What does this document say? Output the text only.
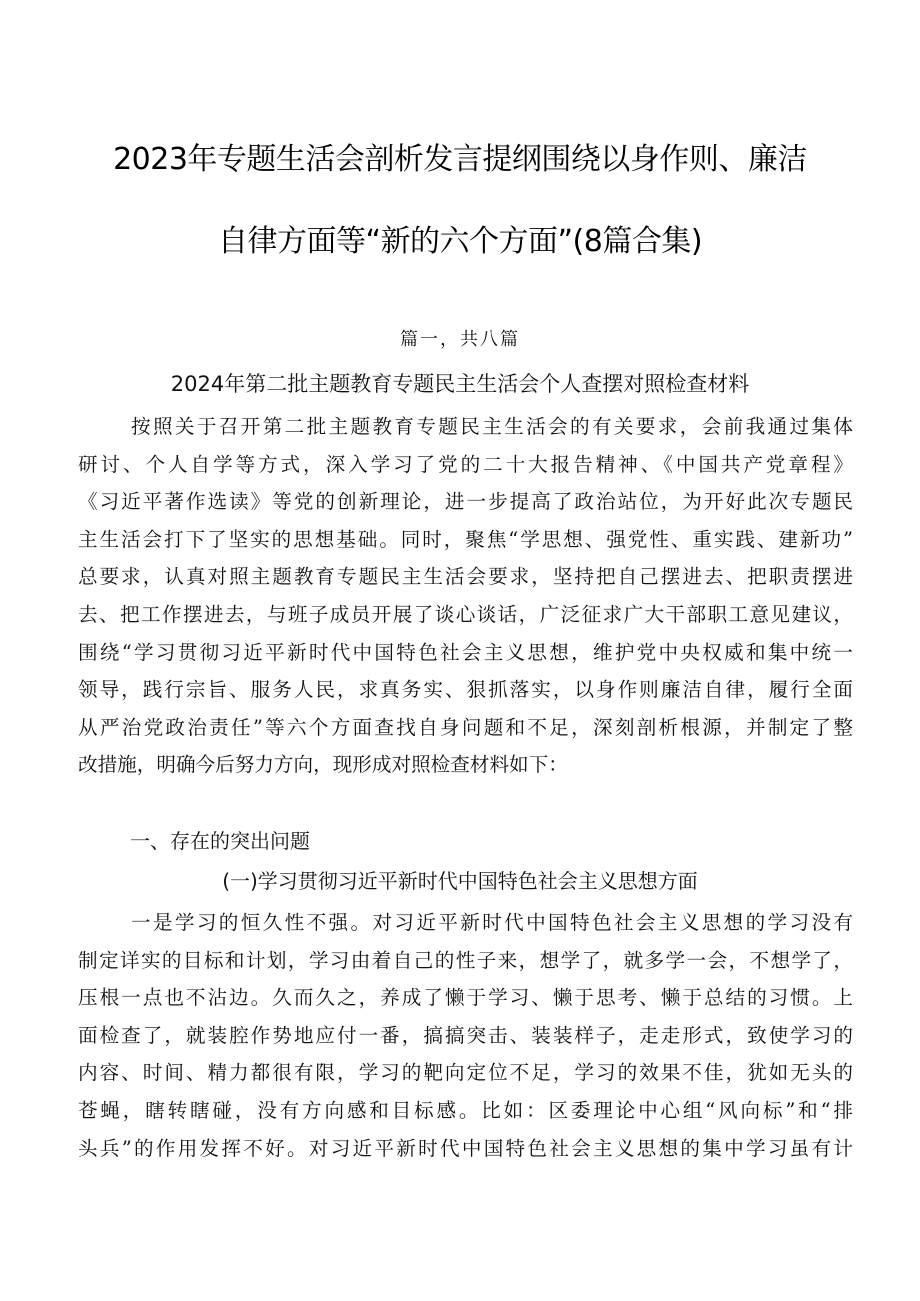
2023年专题生活会剖析发言提纲围绕以身作则、廉洁
自律方面等“新的六个方面”(8篇合集)
篇一，共八篇
2024年第二批主题教育专题民主生活会个人查摆对照检查材料
按照关于召开第二批主题教育专题民主生活会的有关要求，会前我通过集体
研讨、个人自学等方式，深入学习了党的二十大报告精神、《中国共产党章程》
《习近平著作选读》等党的创新理论，进一步提高了政治站位，为开好此次专题民
主生活会打下了坚实的思想基础。同时，聚焦“学思想、强党性、重实践、建新功”
总要求，认真对照主题教育专题民主生活会要求，坚持把自己摆进去、把职责摆进
去、把工作摆进去，与班子成员开展了谈心谈话，广泛征求广大干部职工意见建议，
围绕“学习贯彻习近平新时代中国特色社会主义思想，维护党中央权威和集中统一
领导，践行宗旨、服务人民，求真务实、狠抓落实，以身作则廉洁自律，履行全面
从严治党政治责任”等六个方面查找自身问题和不足，深刻剖析根源，并制定了整
改措施，明确今后努力方向，现形成对照检查材料如下：
一、存在的突出问题
(一)学习贯彻习近平新时代中国特色社会主义思想方面
一是学习的恒久性不强。对习近平新时代中国特色社会主义思想的学习没有
制定详实的目标和计划，学习由着自己的性子来，想学了，就多学一会，不想学了，
压根一点也不沾边。久而久之，养成了懒于学习、懒于思考、懒于总结的习惯。上
面检查了，就装腔作势地应付一番，搞搞突击、装装样子，走走形式，致使学习的
内容、时间、精力都很有限，学习的靶向定位不足，学习的效果不佳，犹如无头的
苍蝇，瞎转瞎碰，没有方向感和目标感。比如：区委理论中心组“风向标”和“排
头兵”的作用发挥不好。对习近平新时代中国特色社会主义思想的集中学习虽有计
